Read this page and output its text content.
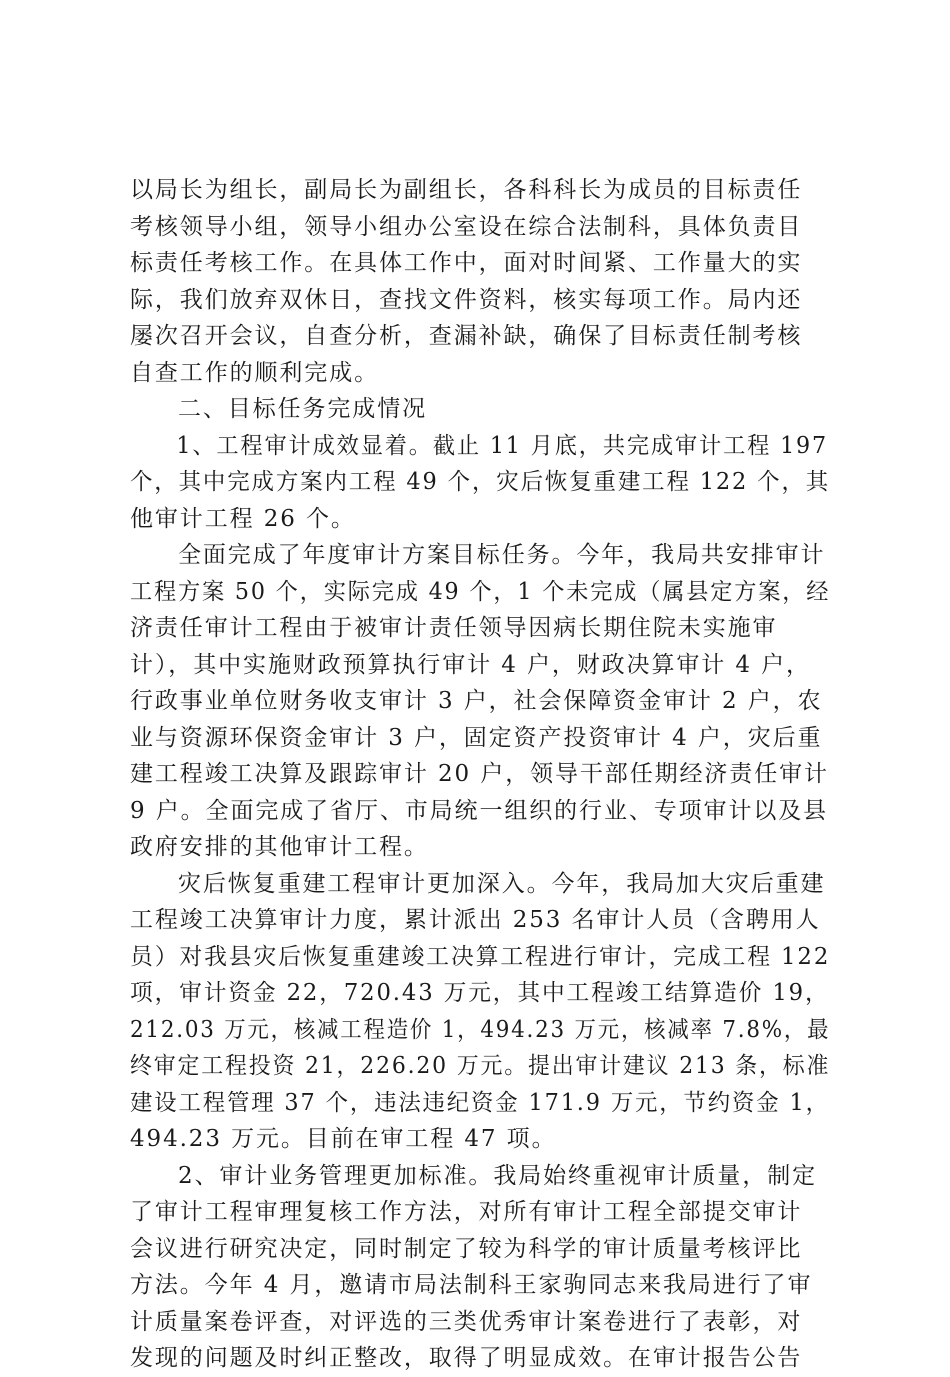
以局长为组长，副局长为副组长，各科科长为成员的目标责任
考核领导小组，领导小组办公室设在综合法制科，具体负责目
标责任考核工作。在具体工作中，面对时间紧、工作量大的实
际，我们放弃双休日，查找文件资料，核实每项工作。局内还
屡次召开会议，自查分析，查漏补缺，确保了目标责任制考核
自查工作的顺利完成。
二、目标任务完成情况
1、工程审计成效显着。截止 11 月底，共完成审计工程 197
个，其中完成方案内工程 49 个，灾后恢复重建工程 122 个，其
他审计工程 26 个。
全面完成了年度审计方案目标任务。今年，我局共安排审计
工程方案 50 个，实际完成 49 个，1 个未完成（属县定方案，经
济责任审计工程由于被审计责任领导因病长期住院未实施审
计），其中实施财政预算执行审计 4 户，财政决算审计 4 户，
行政事业单位财务收支审计 3 户，社会保障资金审计 2 户，农
业与资源环保资金审计 3 户，固定资产投资审计 4 户，灾后重
建工程竣工决算及跟踪审计 20 户，领导干部任期经济责任审计
9 户。全面完成了省厅、市局统一组织的行业、专项审计以及县
政府安排的其他审计工程。
灾后恢复重建工程审计更加深入。今年，我局加大灾后重建
工程竣工决算审计力度，累计派出 253 名审计人员（含聘用人
员）对我县灾后恢复重建竣工决算工程进行审计，完成工程 122
项，审计资金 22，720.43 万元，其中工程竣工结算造价 19，
212.03 万元，核减工程造价 1，494.23 万元，核减率 7.8%，最
终审定工程投资 21，226.20 万元。提出审计建议 213 条，标准
建设工程管理 37 个，违法违纪资金 171.9 万元，节约资金 1，
494.23 万元。目前在审工程 47 项。
2、审计业务管理更加标准。我局始终重视审计质量，制定
了审计工程审理复核工作方法，对所有审计工程全部提交审计
会议进行研究决定，同时制定了较为科学的审计质量考核评比
方法。今年 4 月，邀请市局法制科王家驹同志来我局进行了审
计质量案卷评查，对评选的三类优秀审计案卷进行了表彰，对
发现的问题及时纠正整改，取得了明显成效。在审计报告公告
